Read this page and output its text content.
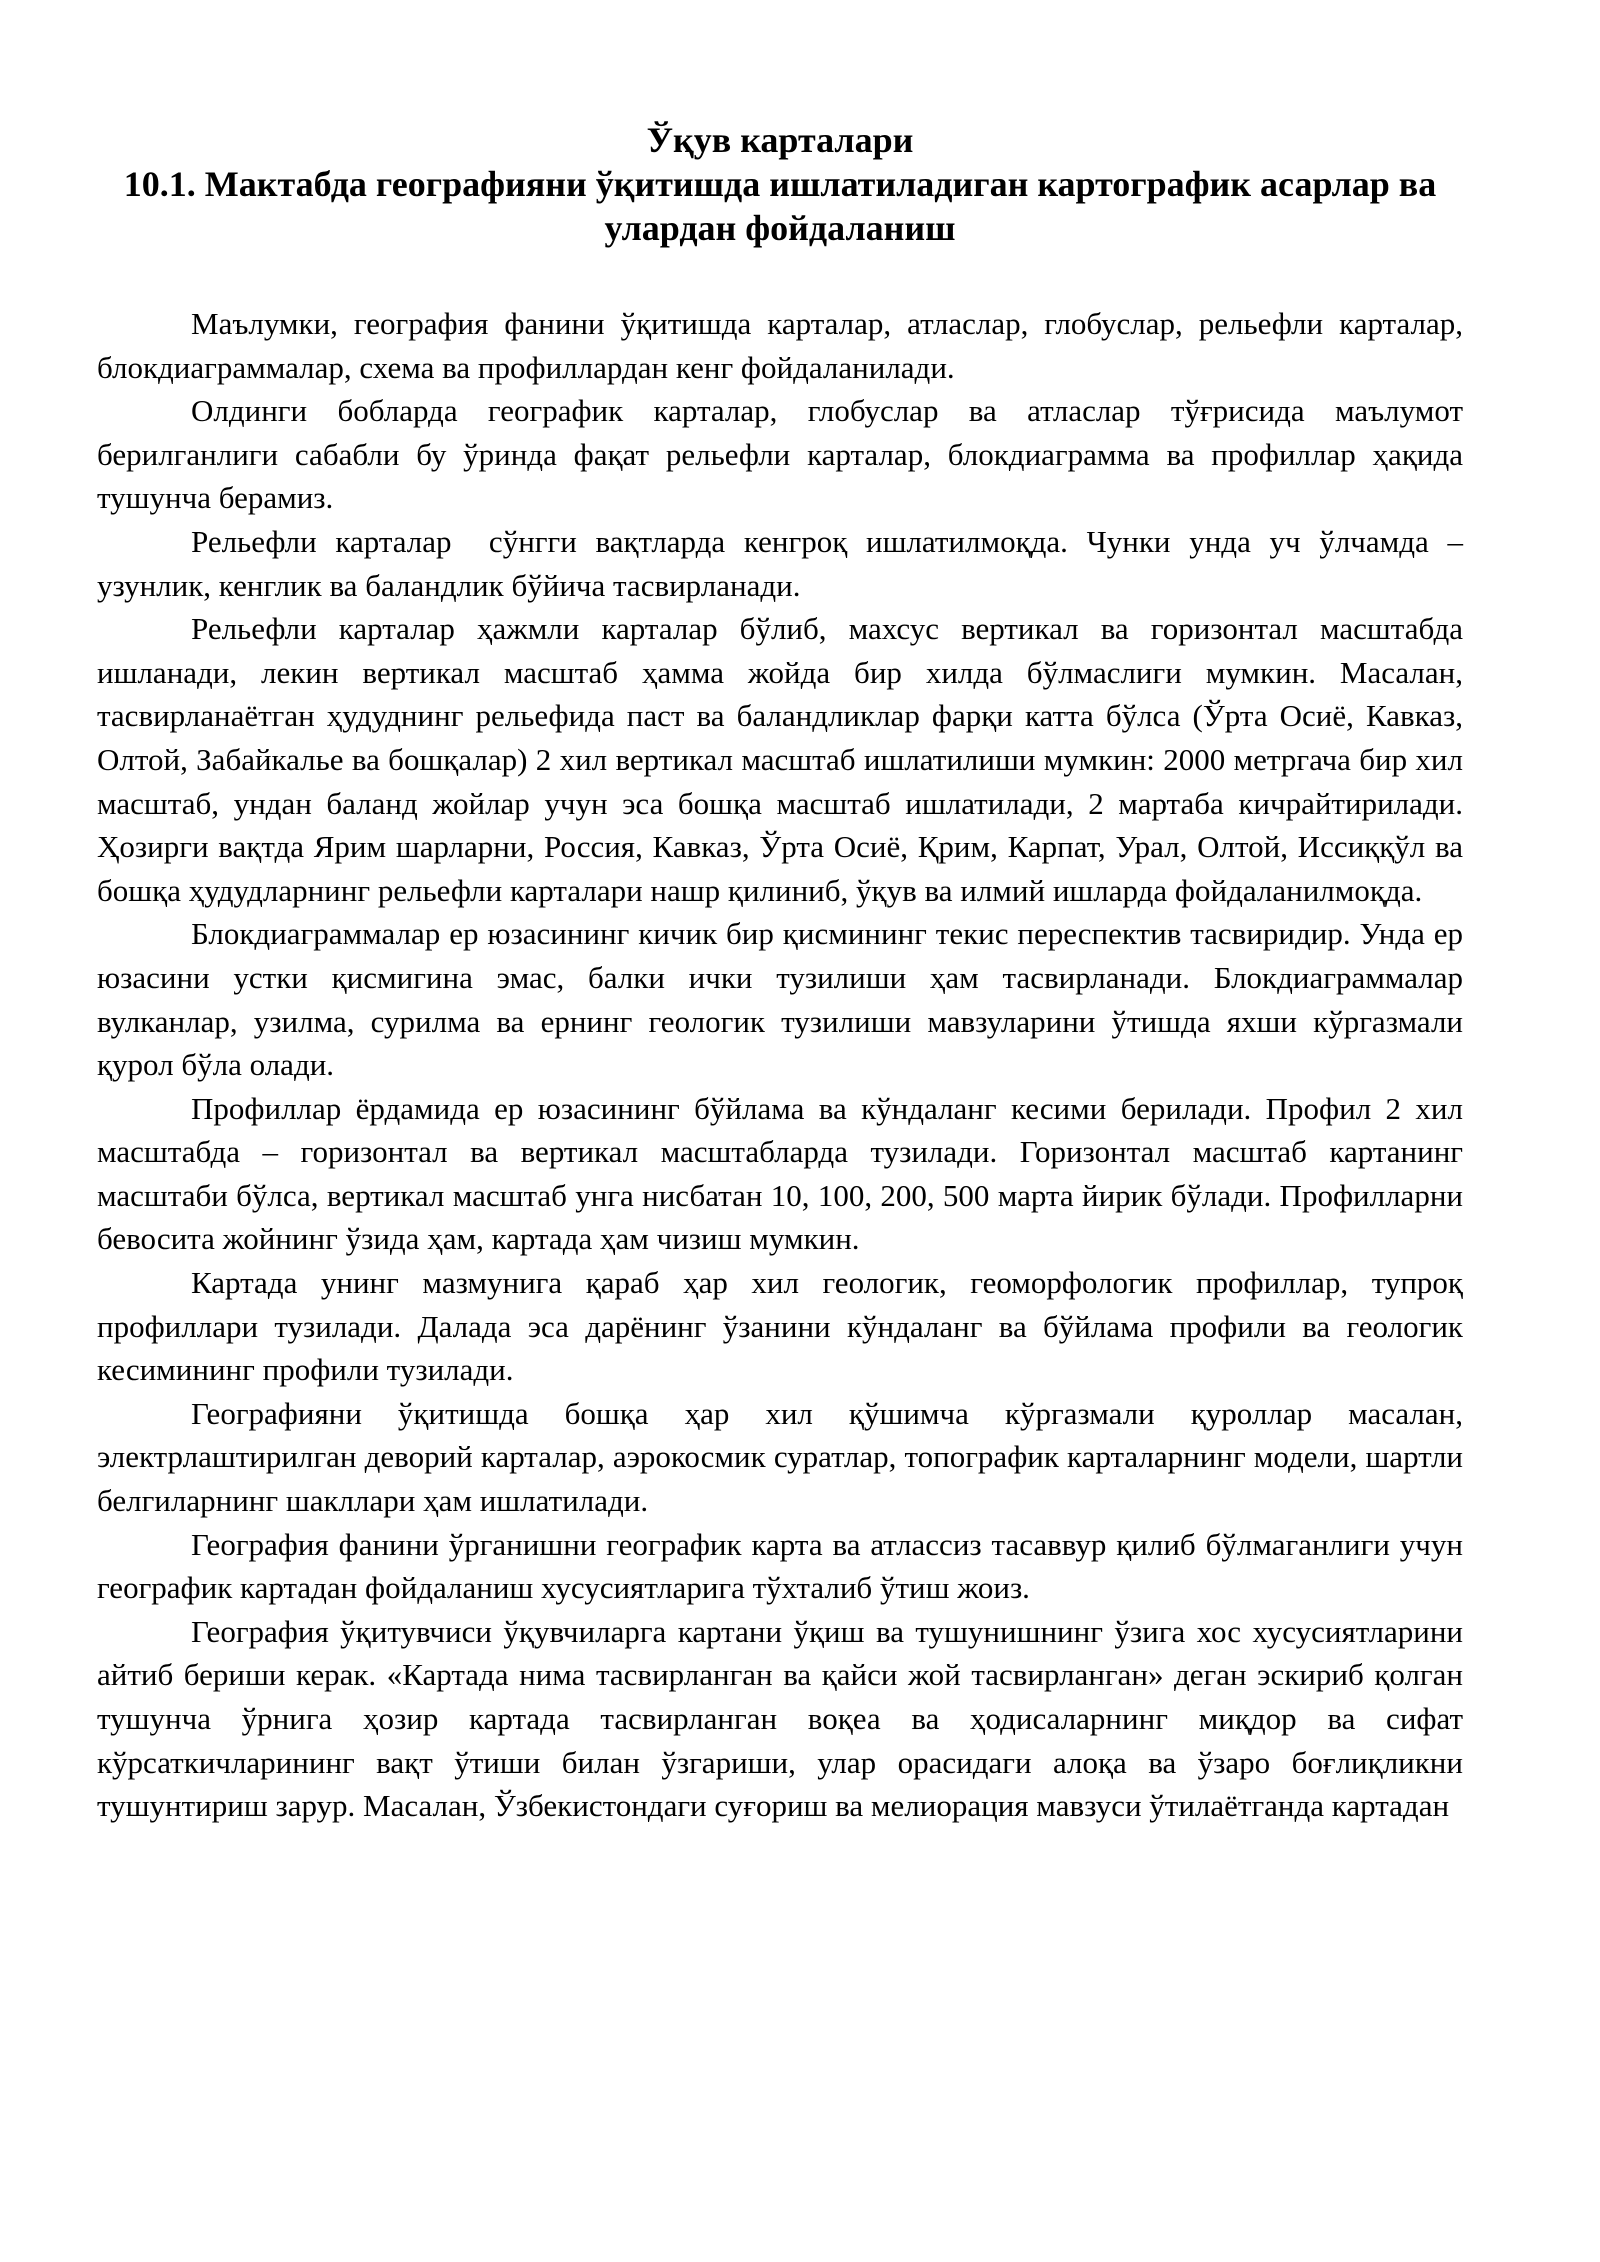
Ўқув карталари
10.1. Мактабда географияни ўқитишда ишлатиладиган картографик асарлар ва улардан фойдаланиш

Маълумки, география фанини ўқитишда карталар, атласлар, глобуслар, рельефли карталар, блокдиаграммалар, схема ва профиллардан кенг фойдаланилади.

Олдинги бобларда географик карталар, глобуслар ва атласлар тўғрисида маълумот берилганлиги сабабли бу ўринда фақат рельефли карталар, блокдиаграмма ва профиллар ҳақида тушунча берамиз.

Рельефли карталар  сўнгги вақтларда кенгроқ ишлатилмоқда. Чунки унда уч ўлчамда – узунлик, кенглик ва баландлик бўйича тасвирланади.

Рельефли карталар ҳажмли карталар бўлиб, махсус вертикал ва горизонтал масштабда ишланади, лекин вертикал масштаб ҳамма жойда бир хилда бўлмаслиги мумкин. Масалан, тасвирланаётган ҳудуднинг рельефида паст ва баландликлар фарқи катта бўлса (Ўрта Осиё, Кавказ, Олтой, Забайкалье ва бошқалар) 2 хил вертикал масштаб ишлатилиши мумкин: 2000 метргача бир хил масштаб, ундан баланд жойлар учун эса бошқа масштаб ишлатилади, 2 мартаба кичрайтирилади. Ҳозирги вақтда Ярим шарларни, Россия, Кавказ, Ўрта Осиё, Қрим, Карпат, Урал, Олтой, Иссиққўл ва бошқа ҳудудларнинг рельефли карталари нашр қилиниб, ўқув ва илмий ишларда фойдаланилмоқда.

Блокдиаграммалар ер юзасининг кичик бир қисмининг текис переспектив тасвиридир. Унда ер юзасини устки қисмигина эмас, балки ички тузилиши ҳам тасвирланади. Блокдиаграммалар вулканлар, узилма, сурилма ва ернинг геологик тузилиши мавзуларини ўтишда яхши кўргазмали қурол бўла олади.

Профиллар ёрдамида ер юзасининг бўйлама ва кўндаланг кесими берилади. Профил 2 хил масштабда – горизонтал ва вертикал масштабларда тузилади. Горизонтал масштаб картанинг масштаби бўлса, вертикал масштаб унга нисбатан 10, 100, 200, 500 марта йирик бўлади. Профилларни бевосита жойнинг ўзида ҳам, картада ҳам чизиш мумкин.

Картада унинг мазмунига қараб ҳар хил геологик, геоморфологик профиллар, тупроқ профиллари тузилади. Далада эса дарёнинг ўзанини кўндаланг ва бўйлама профили ва геологик кесимининг профили тузилади.

Географияни ўқитишда бошқа ҳар хил қўшимча кўргазмали қуроллар масалан, электрлаштирилган деворий карталар, аэрокосмик суратлар, топографик карталарнинг модели, шартли белгиларнинг шакллари ҳам ишлатилади.

География фанини ўрганишни географик карта ва атлассиз тасаввур қилиб бўлмаганлиги учун географик картадан фойдаланиш хусусиятларига тўхталиб ўтиш жоиз.

География ўқитувчиси ўқувчиларга картани ўқиш ва тушунишнинг ўзига хос хусусиятларини айтиб бериши керак. «Картада нима тасвирланган ва қайси жой тасвирланган» деган эскириб қолган тушунча ўрнига ҳозир картада тасвирланган воқеа ва ҳодисаларнинг миқдор ва сифат кўрсаткичларининг вақт ўтиши билан ўзгариши, улар орасидаги алоқа ва ўзаро боғлиқликни  тушунтириш зарур. Масалан, Ўзбекистондаги суғориш ва мелиорация мавзуси ўтилаётганда картадан
